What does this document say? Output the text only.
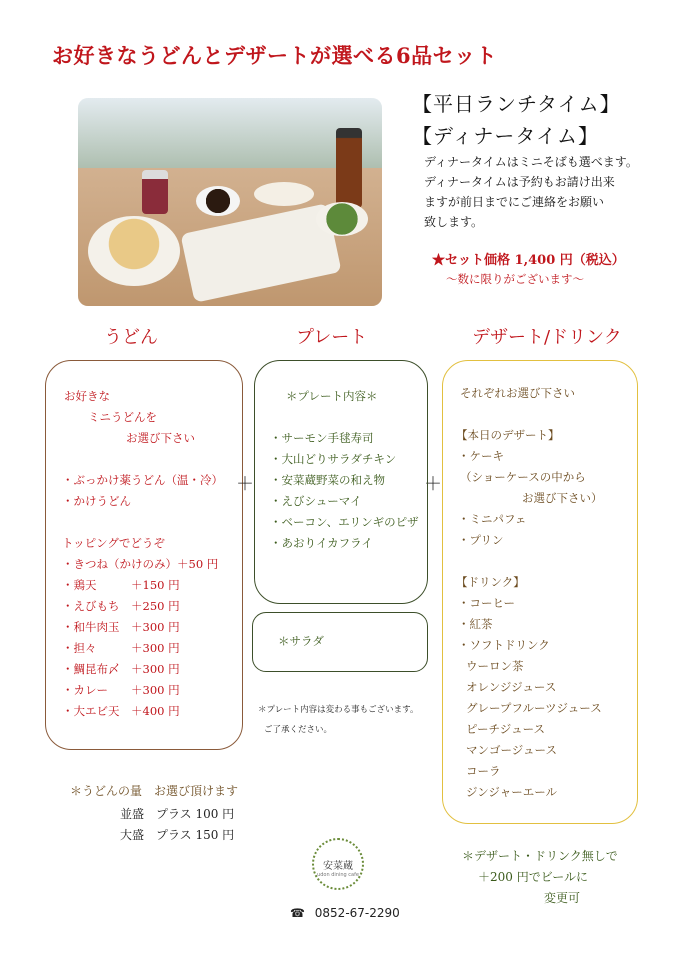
お好きなうどんとデザートが選べる6品セット
【平日ランチタイム】
【ディナータイム】
ディナータイムはミニそばも選べます。
ディナータイムは予約もお請け出来
ますが前日までにご連絡をお願い
致します。
★セット価格 1,400 円（税込）
～数に限りがございます～
うどん	プレート	デザート/ドリンク
お好きな
ミニうどんを
お選び下さい
・ぶっかけ薬うどん（温・冷）
・かけうどん
トッピングでどうぞ
・きつね（かけのみ）＋50 円
・鶏天　　　＋150 円
・えびもち　＋250 円
・和牛肉玉　＋300 円
・担々　　　＋300 円
・鯛昆布〆　＋300 円
・カレー　　＋300 円
・大エビ天　＋400 円
＋	＋
＊プレート内容＊
・サーモン手毬寿司
・大山どりサラダチキン
・安菜蔵野菜の和え物
・えびシューマイ
・ベーコン、エリンギのピザ
・あおりイカフライ
＊サラダ
＊プレート内容は変わる事もございます。
ご了承ください。
それぞれお選び下さい
【本日のデザート】
・ケーキ
（ショーケースの中から
お選び下さい）
・ミニパフェ
・プリン
【ドリンク】
・コーヒー
・紅茶
・ソフトドリンク
ウーロン茶
オレンジジュース
グレープフルーツジュース
ピーチジュース
マンゴージュース
コーラ
ジンジャーエール
＊うどんの量　お選び頂けます
並盛　プラス 100 円
大盛　プラス 150 円
＊デザート・ドリンク無しで
＋200 円でビールに
変更可
安菜蔵
udon dining cafe
☎ 0852-67-2290
